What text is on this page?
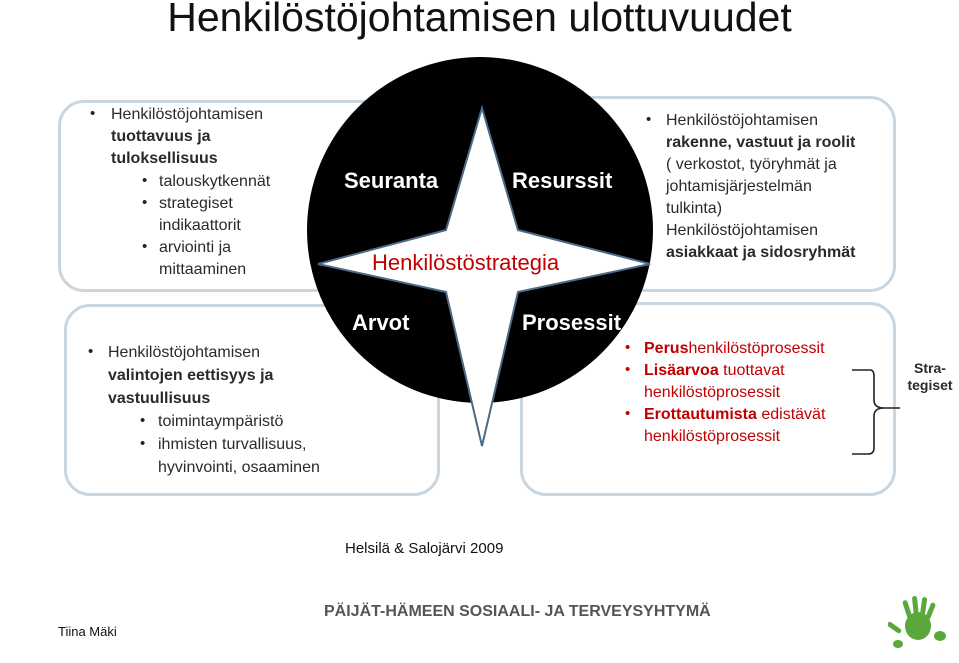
Henkilöstöjohtamisen ulottuvuudet
• Henkilöstöjohtamisen
tuottavuus ja
tuloksellisuus
• talouskytkennät
• strategiset
indikaattorit
• arviointi ja
mittaaminen
• Henkilöstöjohtamisen
rakenne, vastuut ja roolit
( verkostot, työryhmät ja
johtamisjärjestelmän
tulkinta)
Henkilöstöjohtamisen
asiakkaat ja sidosryhmät
• Henkilöstöjohtamisen
valintojen eettisyys ja
vastuullisuus
• toimintaympäristö
• ihmisten turvallisuus,
hyvinvointi, osaaminen
• Perushenkilöstöprosessit
• Lisäarvoa tuottavat
henkilöstöprosessit
• Erottautumista edistävät
henkilöstöprosessit
Stra-
tegiset
Seuranta	Resurssit
Henkilöstöstrategia
Arvot	Prosessit
Helsilä & Salojärvi 2009
Tiina Mäki
PÄIJÄT-HÄMEEN SOSIAALI- JA TERVEYSYHTYMÄ
